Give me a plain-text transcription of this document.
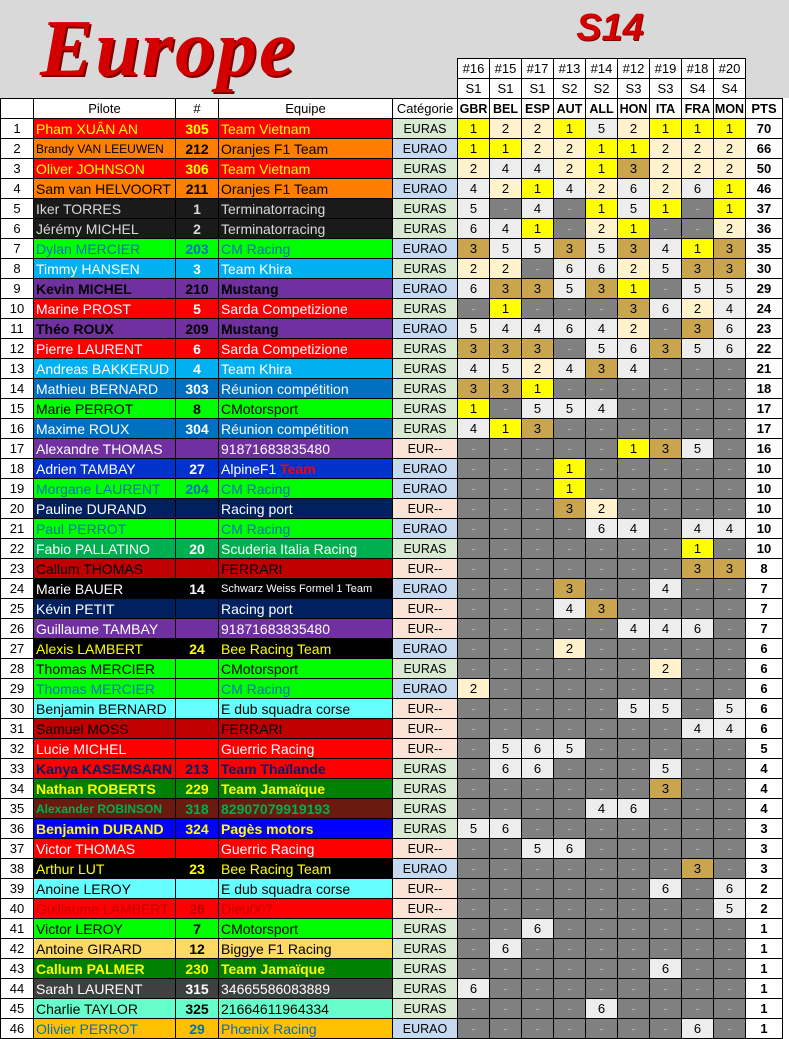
Europe	S14
#16	#15	#17	#13	#14	#12	#19	#18	#20
S1	S1	S1	S2	S2	S3	S3	S4	S4
	Pilote	#	Equipe	Catégorie	GBR	BEL	ESP	AUT	ALL	HON	ITA	FRA	MON	PTS
1	Pham XUÂN AN	305	Team Vietnam	EURAS	1	2	2	1	5	2	1	1	1	70
2	Brandy VAN LEEUWEN	212	Oranjes F1 Team	EURAO	1	1	2	2	1	1	2	2	2	66
3	Oliver JOHNSON	306	Team Vietnam	EURAS	2	4	4	2	1	3	2	2	2	50
4	Sam van HELVOORT	211	Oranjes F1 Team	EURAO	4	2	1	4	2	6	2	6	1	46
5	Iker TORRES	1	Terminatorracing	EURAS	5	-	4	-	1	5	1	-	1	37
6	Jérémy MICHEL	2	Terminatorracing	EURAS	6	4	1	-	2	1	-	-	2	36
7	Dylan MERCIER	203	CM Racing	EURAO	3	5	5	3	5	3	4	1	3	35
8	Timmy HANSEN	3	Team Khira	EURAS	2	2	-	6	6	2	5	3	3	30
9	Kevin MICHEL	210	Mustang	EURAO	6	3	3	5	3	1	-	5	5	29
10	Marine PROST	5	Sarda Competizione	EURAS	-	1	-	-	-	3	6	2	4	24
11	Théo ROUX	209	Mustang	EURAO	5	4	4	6	4	2	-	3	6	23
12	Pierre LAURENT	6	Sarda Competizione	EURAS	3	3	3	-	5	6	3	5	6	22
13	Andreas BAKKERUD	4	Team Khira	EURAS	4	5	2	4	3	4	-	-	-	21
14	Mathieu BERNARD	303	Réunion compétition	EURAS	3	3	1	-	-	-	-	-	-	18
15	Marie PERROT	8	CMotorsport	EURAS	1	-	5	5	4	-	-	-	-	17
16	Maxime ROUX	304	Réunion compétition	EURAS	4	1	3	-	-	-	-	-	-	17
17	Alexandre THOMAS		91871683835480	EUR--	-	-	-	-	-	1	3	5	-	16
18	Adrien TAMBAY	27	AlpineF1 Team	EURAO	-	-	-	1	-	-	-	-	-	10
19	Morgane LAURENT	204	CM Racing	EURAO	-	-	-	1	-	-	-	-	-	10
20	Pauline DURAND		Racing port	EUR--	-	-	-	3	2	-	-	-	-	10
21	Paul PERROT		CM Racing	EURAO	-	-	-	-	6	4	-	4	4	10
22	Fabio PALLATINO	20	Scuderia Italia Racing	EURAS	-	-	-	-	-	-	-	1	-	10
23	Callum THOMAS		FERRARI	EUR--	-	-	-	-	-	-	-	3	3	8
24	Marie BAUER	14	Schwarz Weiss Formel 1 Team	EURAO	-	-	-	3	-	-	4	-	-	7
25	Kévin PETIT		Racing port	EUR--	-	-	-	4	3	-	-	-	-	7
26	Guillaume TAMBAY		91871683835480	EUR--	-	-	-	-	-	4	4	6	-	7
27	Alexis LAMBERT	24	Bee Racing Team	EURAO	-	-	-	2	-	-	-	-	-	6
28	Thomas MERCIER		CMotorsport	EURAS	-	-	-	-	-	-	2	-	-	6
29	Thomas MERCIER		CM Racing	EURAO	2	-	-	-	-	-	-	-	-	6
30	Benjamin BERNARD		E dub squadra corse	EUR--	-	-	-	-	-	5	5	-	5	6
31	Samuel MOSS		FERRARI	EUR--	-	-	-	-	-	-	-	4	4	6
32	Lucie MICHEL		Guerric Racing	EUR--	-	5	6	5	-	-	-	-	-	5
33	Kanya KASEMSARN	213	Team Thaïlande	EURAS	-	6	6	-	-	-	5	-	-	4
34	Nathan ROBERTS	229	Team Jamaïque	EURAS	-	-	-	-	-	-	3	-	-	4
35	Alexander ROBINSON	318	82907079919193	EURAS	-	-	-	-	4	6	-	-	-	4
36	Benjamin DURAND	324	Pagès motors	EURAS	5	6	-	-	-	-	-	-	-	3
37	Victor THOMAS		Guerric Racing	EUR--	-	-	5	6	-	-	-	-	-	3
38	Arthur LUT	23	Bee Racing Team	EURAO	-	-	-	-	-	-	-	3	-	3
39	Anoine LEROY		E dub squadra corse	EUR--	-	-	-	-	-	-	6	-	6	2
40	Guillaume LAMBERT	26	Dieu007	EUR--	-	-	-	-	-	-	-	-	5	2
41	Victor LEROY	7	CMotorsport	EURAS	-	-	6	-	-	-	-	-	-	1
42	Antoine GIRARD	12	Biggye F1 Racing	EURAS	-	6	-	-	-	-	-	-	-	1
43	Callum PALMER	230	Team Jamaïque	EURAS	-	-	-	-	-	-	6	-	-	1
44	Sarah LAURENT	315	34665586083889	EURAS	6	-	-	-	-	-	-	-	-	1
45	Charlie TAYLOR	325	21664611964334	EURAS	-	-	-	-	6	-	-	-	-	1
46	Olivier PERROT	29	Phœnix Racing	EURAO	-	-	-	-	-	-	-	6	-	1
